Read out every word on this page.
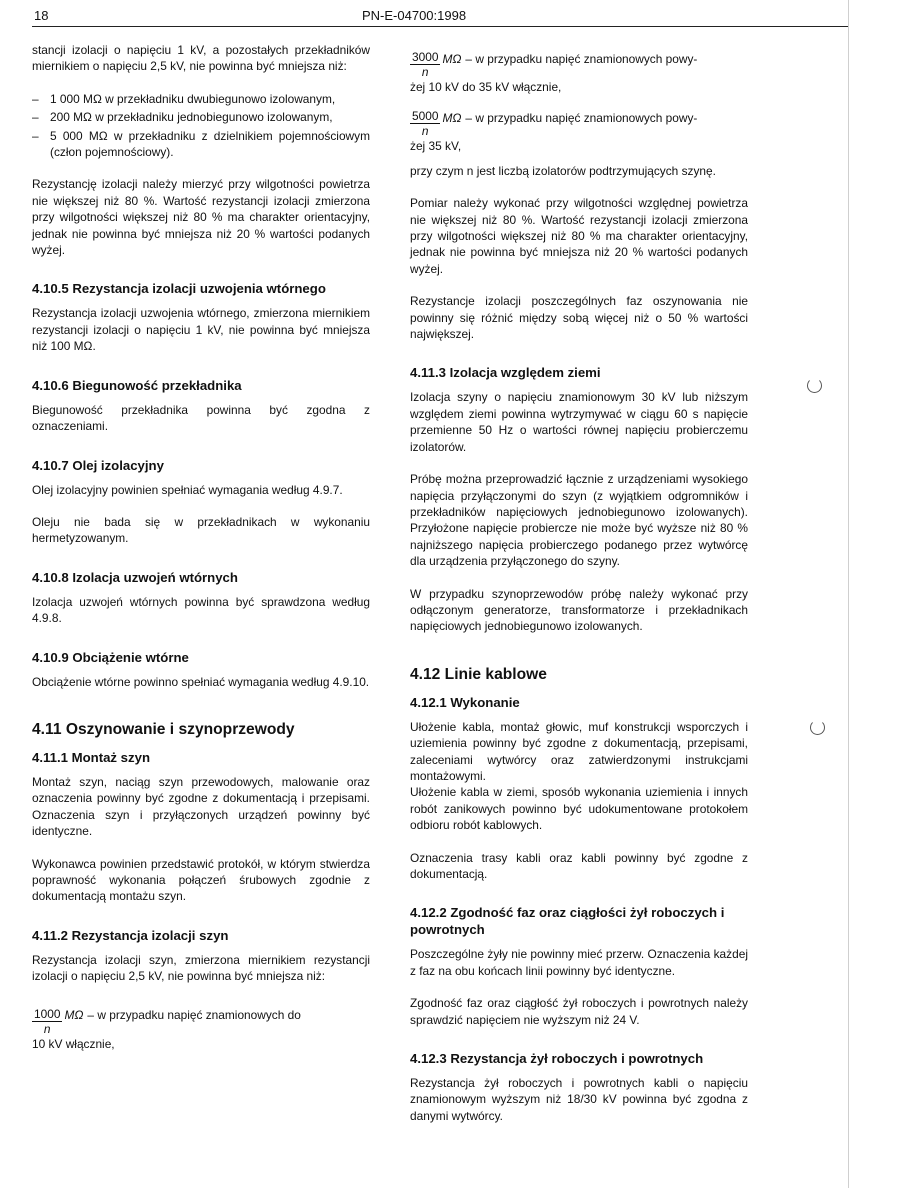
18	PN-E-04700:1998

stancji izolacji o napięciu 1 kV, a pozostałych przekładników miernikiem o napięciu 2,5 kV, nie powinna być mniejsza niż:

– 1 000 MΩ w przekładniku dwubiegunowo izolowanym,
– 200 MΩ w przekładniku jednobiegunowo izolowanym,
– 5 000 MΩ w przekładniku z dzielnikiem pojemnościowym (człon pojemnościowy).

Rezystancję izolacji należy mierzyć przy wilgotności powietrza nie większej niż 80 %. Wartość rezystancji izolacji zmierzona przy wilgotności większej niż 80 % ma charakter orientacyjny, jednak nie powinna być mniejsza niż 20 % wartości podanych wyżej.

4.10.5 Rezystancja izolacji uzwojenia wtórnego

Rezystancja izolacji uzwojenia wtórnego, zmierzona miernikiem rezystancji izolacji o napięciu 1 kV, nie powinna być mniejsza niż 100 MΩ.

4.10.6 Biegunowość przekładnika

Biegunowość przekładnika powinna być zgodna z oznaczeniami.

4.10.7 Olej izolacyjny

Olej izolacyjny powinien spełniać wymagania według 4.9.7.

Oleju nie bada się w przekładnikach w wykonaniu hermetyzowanym.

4.10.8 Izolacja uzwojeń wtórnych

Izolacja uzwojeń wtórnych powinna być sprawdzona według 4.9.8.

4.10.9 Obciążenie wtórne

Obciążenie wtórne powinno spełniać wymagania według 4.9.10.

4.11 Oszynowanie i szynoprzewody
4.11.1 Montaż szyn

Montaż szyn, naciąg szyn przewodowych, malowanie oraz oznaczenia powinny być zgodne z dokumentacją i przepisami. Oznaczenia szyn i przyłączonych urządzeń powinny być identyczne.

Wykonawca powinien przedstawić protokół, w którym stwierdza poprawność wykonania połączeń śrubowych zgodnie z dokumentacją montażu szyn.

4.11.2 Rezystancja izolacji szyn

Rezystancja izolacji szyn, zmierzona miernikiem rezystancji izolacji o napięciu 2,5 kV, nie powinna być mniejsza niż:

$\frac{1000}{n}$ MΩ – w przypadku napięć znamionowych do
10 kV włącznie,
$\frac{3000}{n}$ MΩ – w przypadku napięć znamionowych powy-
żej 10 kV do 35 kV włącznie,
$\frac{5000}{n}$ MΩ – w przypadku napięć znamionowych powy-
żej 35 kV,

przy czym n jest liczbą izolatorów podtrzymujących szynę.

Pomiar należy wykonać przy wilgotności względnej powietrza nie większej niż 80 %. Wartość rezystancji izolacji zmierzona przy wilgotności większej niż 80 % ma charakter orientacyjny, jednak nie powinna być mniejsza niż 20 % wartości podanych wyżej.

Rezystancje izolacji poszczególnych faz oszynowania nie powinny się różnić między sobą więcej niż o 50 % wartości największej.

4.11.3 Izolacja względem ziemi

Izolacja szyny o napięciu znamionowym 30 kV lub niższym względem ziemi powinna wytrzymywać w ciągu 60 s napięcie przemienne 50 Hz o wartości równej napięciu probierczemu izolatorów.

Próbę można przeprowadzić łącznie z urządzeniami wysokiego napięcia przyłączonymi do szyn (z wyjątkiem odgromników i przekładników napięciowych jednobiegunowo izolowanych). Przyłożone napięcie probiercze nie może być wyższe niż 80 % najniższego napięcia probierczego podanego przez wytwórcę dla urządzenia przyłączonego do szyny.

W przypadku szynoprzewodów próbę należy wykonać przy odłączonym generatorze, transformatorze i przekładnikach napięciowych jednobiegunowo izolowanych.

4.12 Linie kablowe
4.12.1 Wykonanie

Ułożenie kabla, montaż głowic, muf konstrukcji wsporczych i uziemienia powinny być zgodne z dokumentacją, przepisami, zaleceniami wytwórcy oraz zatwierdzonymi instrukcjami montażowymi.

Ułożenie kabla w ziemi, sposób wykonania uziemienia i innych robót zanikowych powinno być udokumentowane protokołem odbioru robót kablowych.

Oznaczenia trasy kabli oraz kabli powinny być zgodne z dokumentacją.

4.12.2 Zgodność faz oraz ciągłości żył roboczych i powrotnych

Poszczególne żyły nie powinny mieć przerw. Oznaczenia każdej z faz na obu końcach linii powinny być identyczne.

Zgodność faz oraz ciągłość żył roboczych i powrotnych należy sprawdzić napięciem nie wyższym niż 24 V.

4.12.3 Rezystancja żył roboczych i powrotnych

Rezystancja żył roboczych i powrotnych kabli o napięciu znamionowym wyższym niż 18/30 kV powinna być zgodna z danymi wytwórcy.
